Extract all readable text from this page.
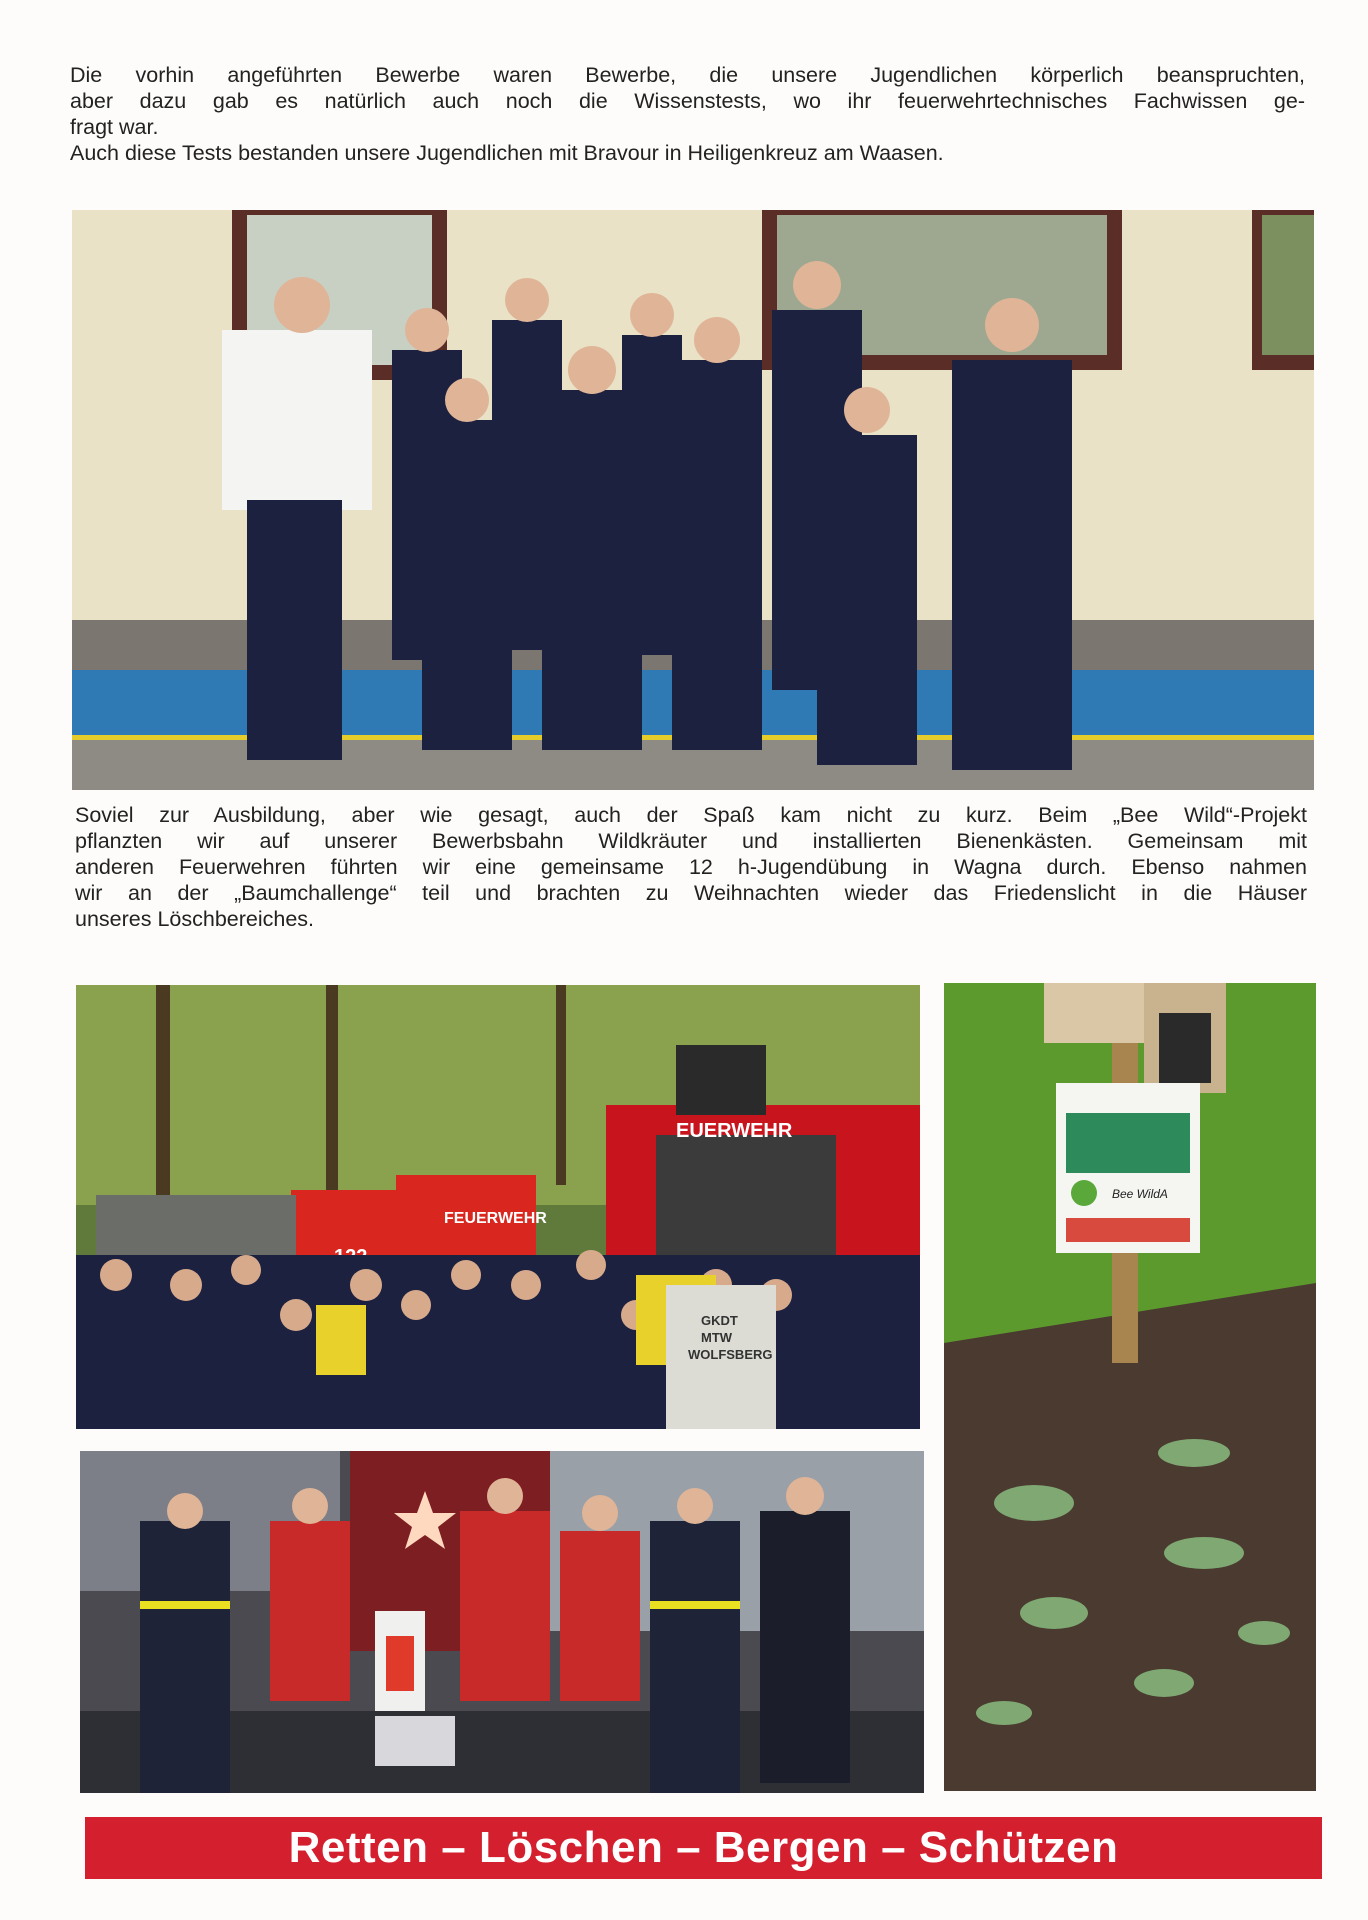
Die vorhin angeführten Bewerbe waren Bewerbe, die unsere Jugendlichen körperlich beanspruchten,
aber dazu gab es natürlich auch noch die Wissenstests, wo ihr feuerwehrtechnisches Fachwissen ge-
fragt war.
Auch diese Tests bestanden unsere Jugendlichen mit Bravour in Heiligenkreuz am Waasen.
Soviel zur Ausbildung, aber wie gesagt, auch der Spaß kam nicht zu kurz. Beim „Bee Wild“-Projekt
pflanzten wir auf unserer Bewerbsbahn Wildkräuter und installierten Bienenkästen. Gemeinsam mit
anderen Feuerwehren führten wir eine gemeinsame 12 h-Jugendübung in Wagna durch. Ebenso nahmen
wir an der „Baumchallenge“ teil und brachten zu Weihnachten wieder das Friedenslicht in die Häuser
unseres Löschbereiches.
EUERWEHR
FEUERWEHR
GKDT
MTW
WOLFSBERG
Bee WildA
Retten – Löschen – Bergen – Schützen
